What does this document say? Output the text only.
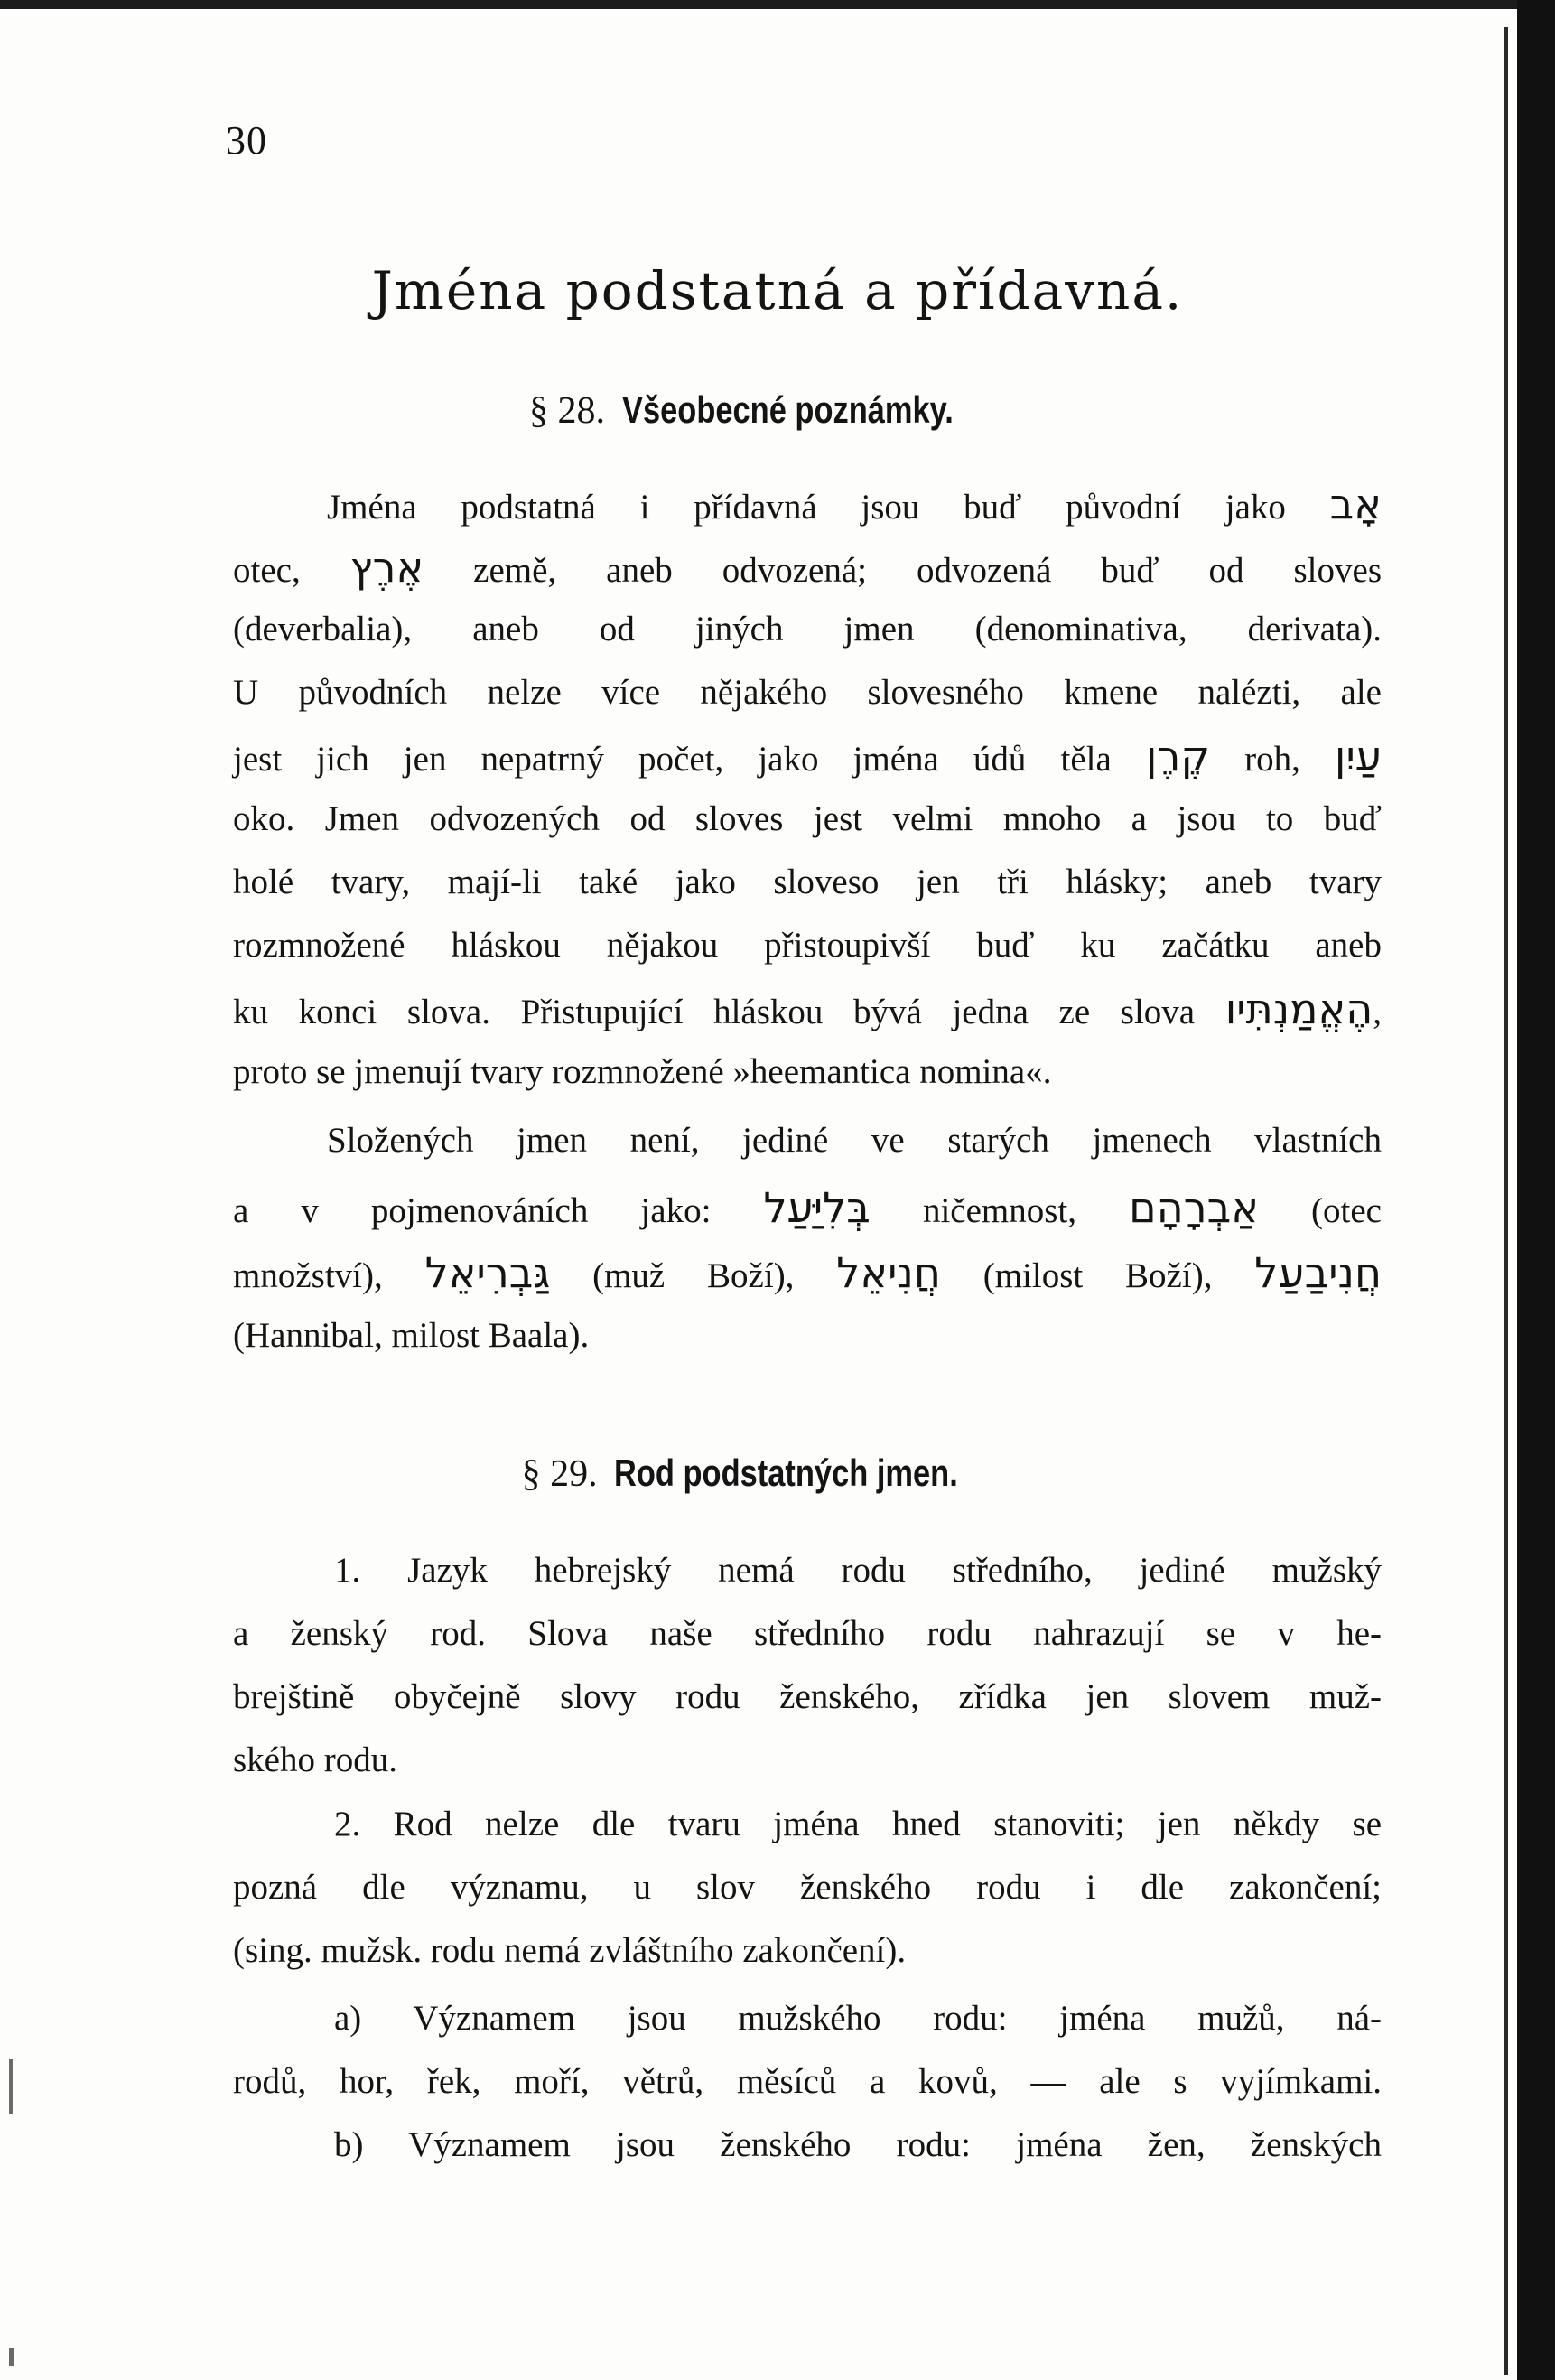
30
Jména podstatná a přídavná.
§ 28. Všeobecné poznámky.
Jména podstatná i přídavná jsou buď původní jako אָב
otec, אֶרֶץ země, aneb odvozená; odvozená buď od sloves
(deverbalia), aneb od jiných jmen (denominativa, derivata).
U původních nelze více nějakého slovesného kmene nalézti, ale
jest jich jen nepatrný počet, jako jména údů těla קֶרֶן roh, עַיִן
oko. Jmen odvozených od sloves jest velmi mnoho a jsou to buď
holé tvary, mají-li také jako sloveso jen tři hlásky; aneb tvary
rozmnožené hláskou nějakou přistoupivší buď ku začátku aneb
ku konci slova. Přistupující hláskou bývá jedna ze slova הֶאֱמַנְתִּיו,
proto se jmenují tvary rozmnožené »heemantica nomina«.
Složených jmen není, jediné ve starých jmenech vlastních
a v pojmenováních jako: בְּלִיַּעַל ničemnost, אַבְרָהָם (otec
množství), גַּבְרִיאֵל (muž Boží), חֲנִיאֵל (milost Boží), חֲנִיבַעַל
(Hannibal, milost Baala).
§ 29. Rod podstatných jmen.
1. Jazyk hebrejský nemá rodu středního, jediné mužský
a ženský rod. Slova naše středního rodu nahrazují se v he-
brejštině obyčejně slovy rodu ženského, zřídka jen slovem muž-
ského rodu.
2. Rod nelze dle tvaru jména hned stanoviti; jen někdy se
pozná dle významu, u slov ženského rodu i dle zakončení;
(sing. mužsk. rodu nemá zvláštního zakončení).
a) Významem jsou mužského rodu: jména mužů, ná-
rodů, hor, řek, moří, větrů, měsíců a kovů, — ale s vyjímkami.
b) Významem jsou ženského rodu: jména žen, ženských
